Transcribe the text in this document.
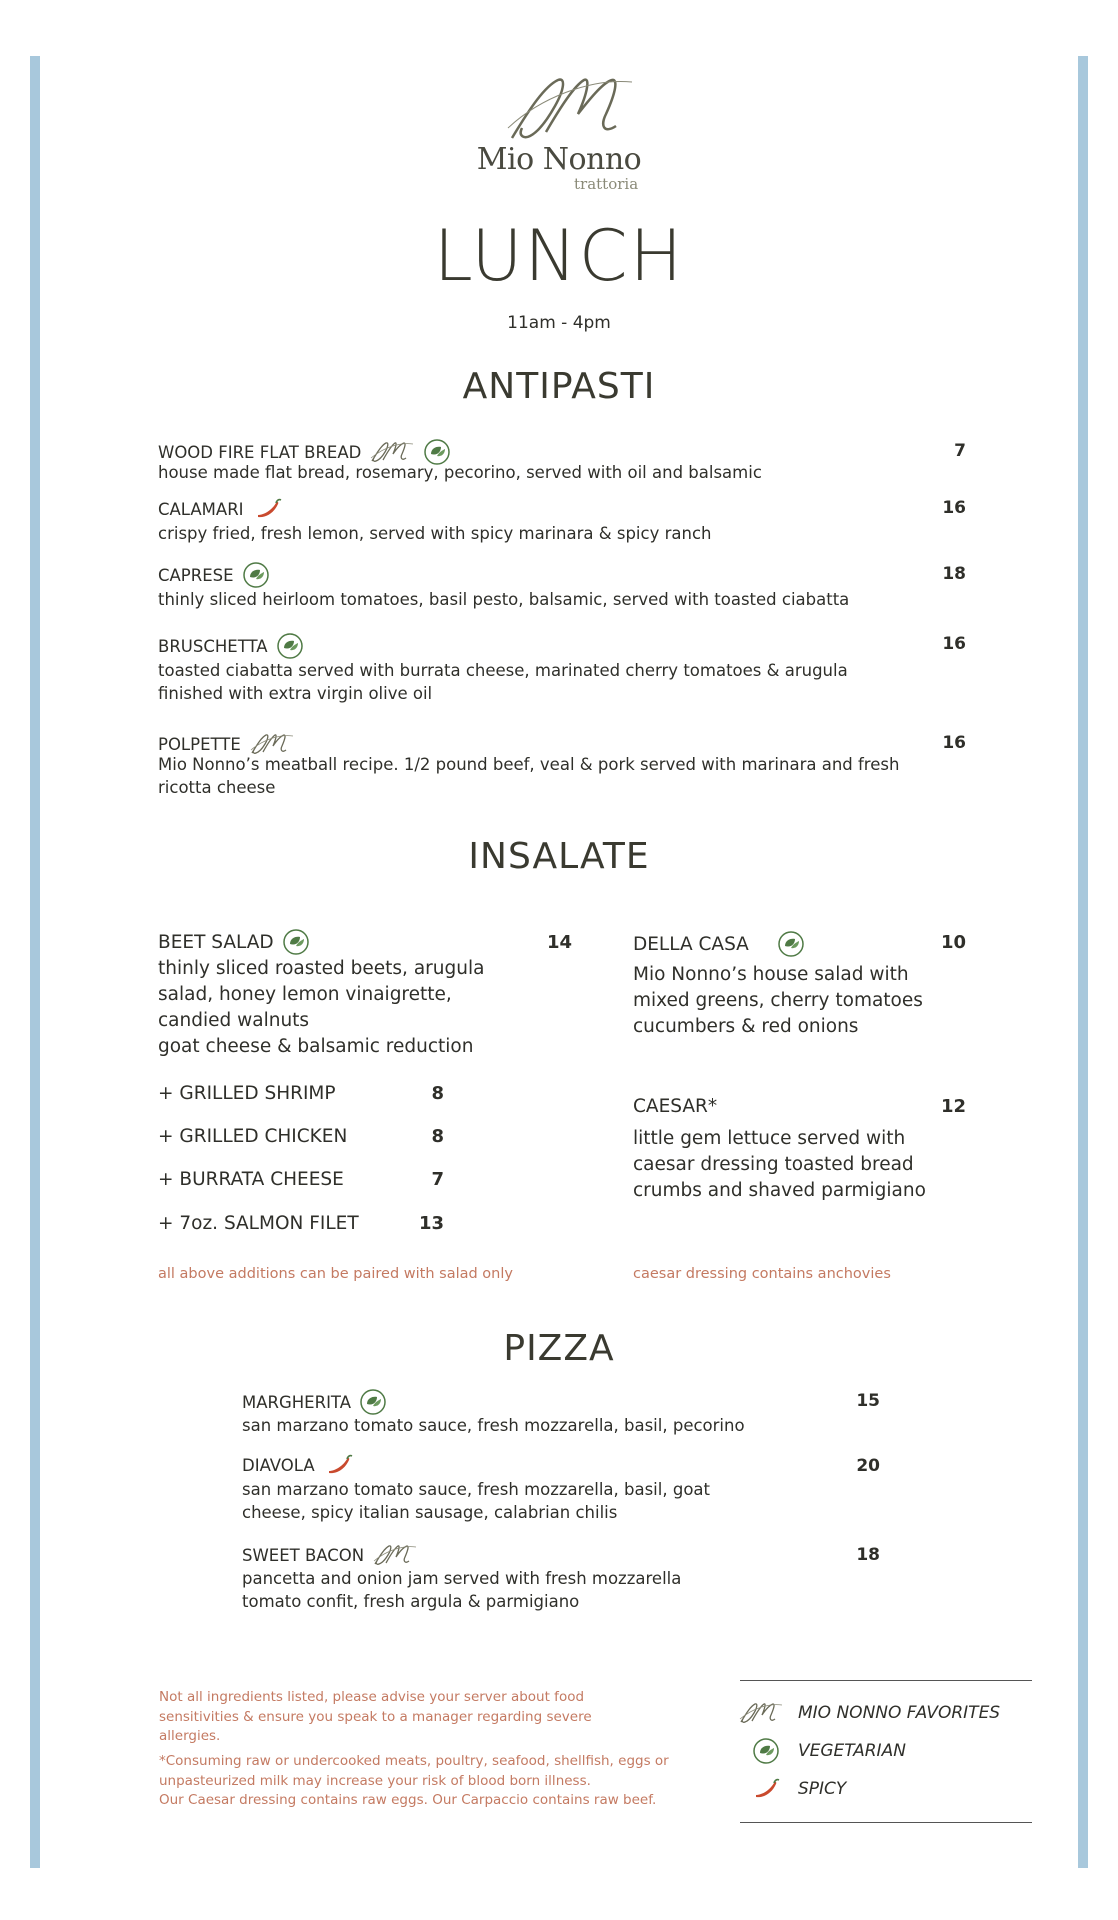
Mio Nonno
trattoria
LUNCH
11am - 4pm
ANTIPASTI
WOOD FIRE FLAT BREAD	7
house made flat bread, rosemary, pecorino, served with oil and balsamic
CALAMARI	16
crispy fried, fresh lemon, served with spicy marinara & spicy ranch
CAPRESE	18
thinly sliced heirloom tomatoes, basil pesto, balsamic, served with toasted ciabatta
BRUSCHETTA	16
toasted ciabatta served with burrata cheese, marinated cherry tomatoes & arugula
finished with extra virgin olive oil
POLPETTE	16
Mio Nonno’s meatball recipe. 1/2 pound beef, veal & pork served with marinara and fresh
ricotta cheese
INSALATE
BEET SALAD	14
thinly sliced roasted beets, arugula
salad, honey lemon vinaigrette,
candied walnuts
goat cheese & balsamic reduction
+ GRILLED SHRIMP	8
+ GRILLED CHICKEN	8
+ BURRATA CHEESE	7
+ 7oz. SALMON FILET	13
all above additions can be paired with salad only
DELLA CASA	10
Mio Nonno’s house salad with
mixed greens, cherry tomatoes
cucumbers & red onions
CAESAR*	12
little gem lettuce served with
caesar dressing toasted bread
crumbs and shaved parmigiano
caesar dressing contains anchovies
PIZZA
MARGHERITA	15
san marzano tomato sauce, fresh mozzarella, basil, pecorino
DIAVOLA	20
san marzano tomato sauce, fresh mozzarella, basil, goat
cheese, spicy italian sausage, calabrian chilis
SWEET BACON	18
pancetta and onion jam served with fresh mozzarella
tomato confit, fresh argula & parmigiano
Not all ingredients listed, please advise your server about food
sensitivities & ensure you speak to a manager regarding severe
allergies.
*Consuming raw or undercooked meats, poultry, seafood, shellfish, eggs or
unpasteurized milk may increase your risk of blood born illness.
Our Caesar dressing contains raw eggs. Our Carpaccio contains raw beef.
MIO NONNO FAVORITES
VEGETARIAN
SPICY
